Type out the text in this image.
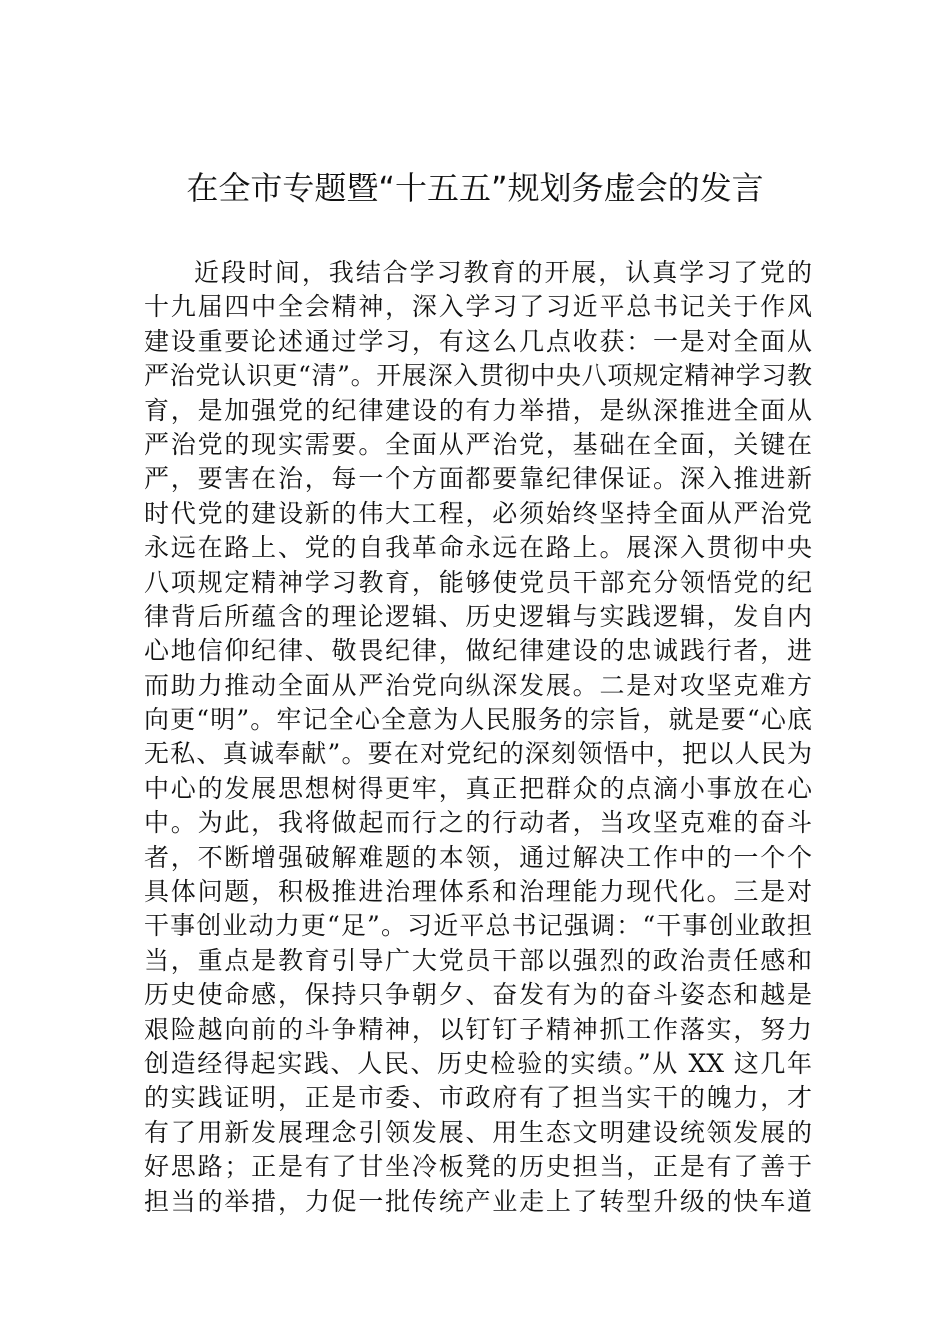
在全市专题暨“十五五”规划务虚会的发言
近段时间，我结合学习教育的开展，认真学习了党的
十九届四中全会精神，深入学习了习近平总书记关于作风
建设重要论述通过学习，有这么几点收获：一是对全面从
严治党认识更“清”。开展深入贯彻中央八项规定精神学习教
育，是加强党的纪律建设的有力举措，是纵深推进全面从
严治党的现实需要。全面从严治党，基础在全面，关键在
严，要害在治，每一个方面都要靠纪律保证。深入推进新
时代党的建设新的伟大工程，必须始终坚持全面从严治党
永远在路上、党的自我革命永远在路上。展深入贯彻中央
八项规定精神学习教育，能够使党员干部充分领悟党的纪
律背后所蕴含的理论逻辑、历史逻辑与实践逻辑，发自内
心地信仰纪律、敬畏纪律，做纪律建设的忠诚践行者，进
而助力推动全面从严治党向纵深发展。二是对攻坚克难方
向更“明”。牢记全心全意为人民服务的宗旨，就是要“心底
无私、真诚奉献”。要在对党纪的深刻领悟中，把以人民为
中心的发展思想树得更牢，真正把群众的点滴小事放在心
中。为此，我将做起而行之的行动者，当攻坚克难的奋斗
者，不断增强破解难题的本领，通过解决工作中的一个个
具体问题，积极推进治理体系和治理能力现代化。三是对
干事创业动力更“足”。习近平总书记强调：“干事创业敢担
当，重点是教育引导广大党员干部以强烈的政治责任感和
历史使命感，保持只争朝夕、奋发有为的奋斗姿态和越是
艰险越向前的斗争精神，以钉钉子精神抓工作落实，努力
创造经得起实践、人民、历史检验的实绩。”从 XX 这几年
的实践证明，正是市委、市政府有了担当实干的魄力，才
有了用新发展理念引领发展、用生态文明建设统领发展的
好思路；正是有了甘坐冷板凳的历史担当，正是有了善于
担当的举措，力促一批传统产业走上了转型升级的快车道
